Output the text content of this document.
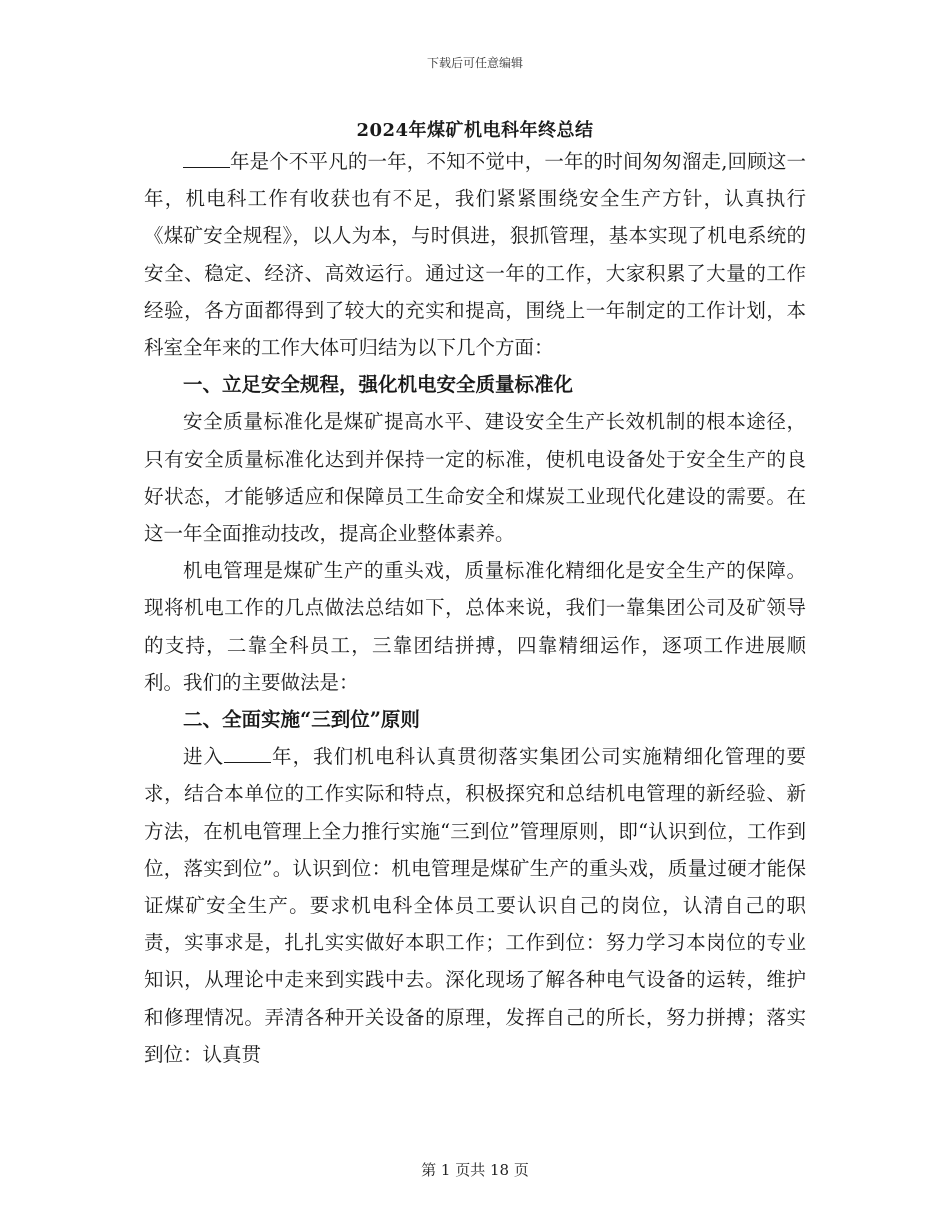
下载后可任意编辑
2024年煤矿机电科年终总结

年是个不平凡的一年，不知不觉中，一年的时间匆匆溜走,回顾这一年，机电科工作有收获也有不足，我们紧紧围绕安全生产方针，认真执行《煤矿安全规程》，以人为本，与时俱进，狠抓管理，基本实现了机电系统的安全、稳定、经济、高效运行。通过这一年的工作，大家积累了大量的工作经验，各方面都得到了较大的充实和提高，围绕上一年制定的工作计划，本科室全年来的工作大体可归结为以下几个方面：

一、立足安全规程，强化机电安全质量标准化

安全质量标准化是煤矿提高水平、建设安全生产长效机制的根本途径，只有安全质量标准化达到并保持一定的标准，使机电设备处于安全生产的良好状态，才能够适应和保障员工生命安全和煤炭工业现代化建设的需要。在这一年全面推动技改，提高企业整体素养。

机电管理是煤矿生产的重头戏，质量标准化精细化是安全生产的保障。现将机电工作的几点做法总结如下，总体来说，我们一靠集团公司及矿领导的支持，二靠全科员工，三靠团结拼搏，四靠精细运作，逐项工作进展顺利。我们的主要做法是：

二、全面实施“三到位”原则

进入 年，我们机电科认真贯彻落实集团公司实施精细化管理的要求，结合本单位的工作实际和特点，积极探究和总结机电管理的新经验、新方法，在机电管理上全力推行实施“三到位”管理原则，即“认识到位，工作到位，落实到位”。认识到位：机电管理是煤矿生产的重头戏，质量过硬才能保证煤矿安全生产。要求机电科全体员工要认识自己的岗位，认清自己的职责，实事求是，扎扎实实做好本职工作；工作到位：努力学习本岗位的专业知识，从理论中走来到实践中去。深化现场了解各种电气设备的运转，维护和修理情况。弄清各种开关设备的原理，发挥自己的所长，努力拼搏；落实到位：认真贯

第 1 页共 18 页
